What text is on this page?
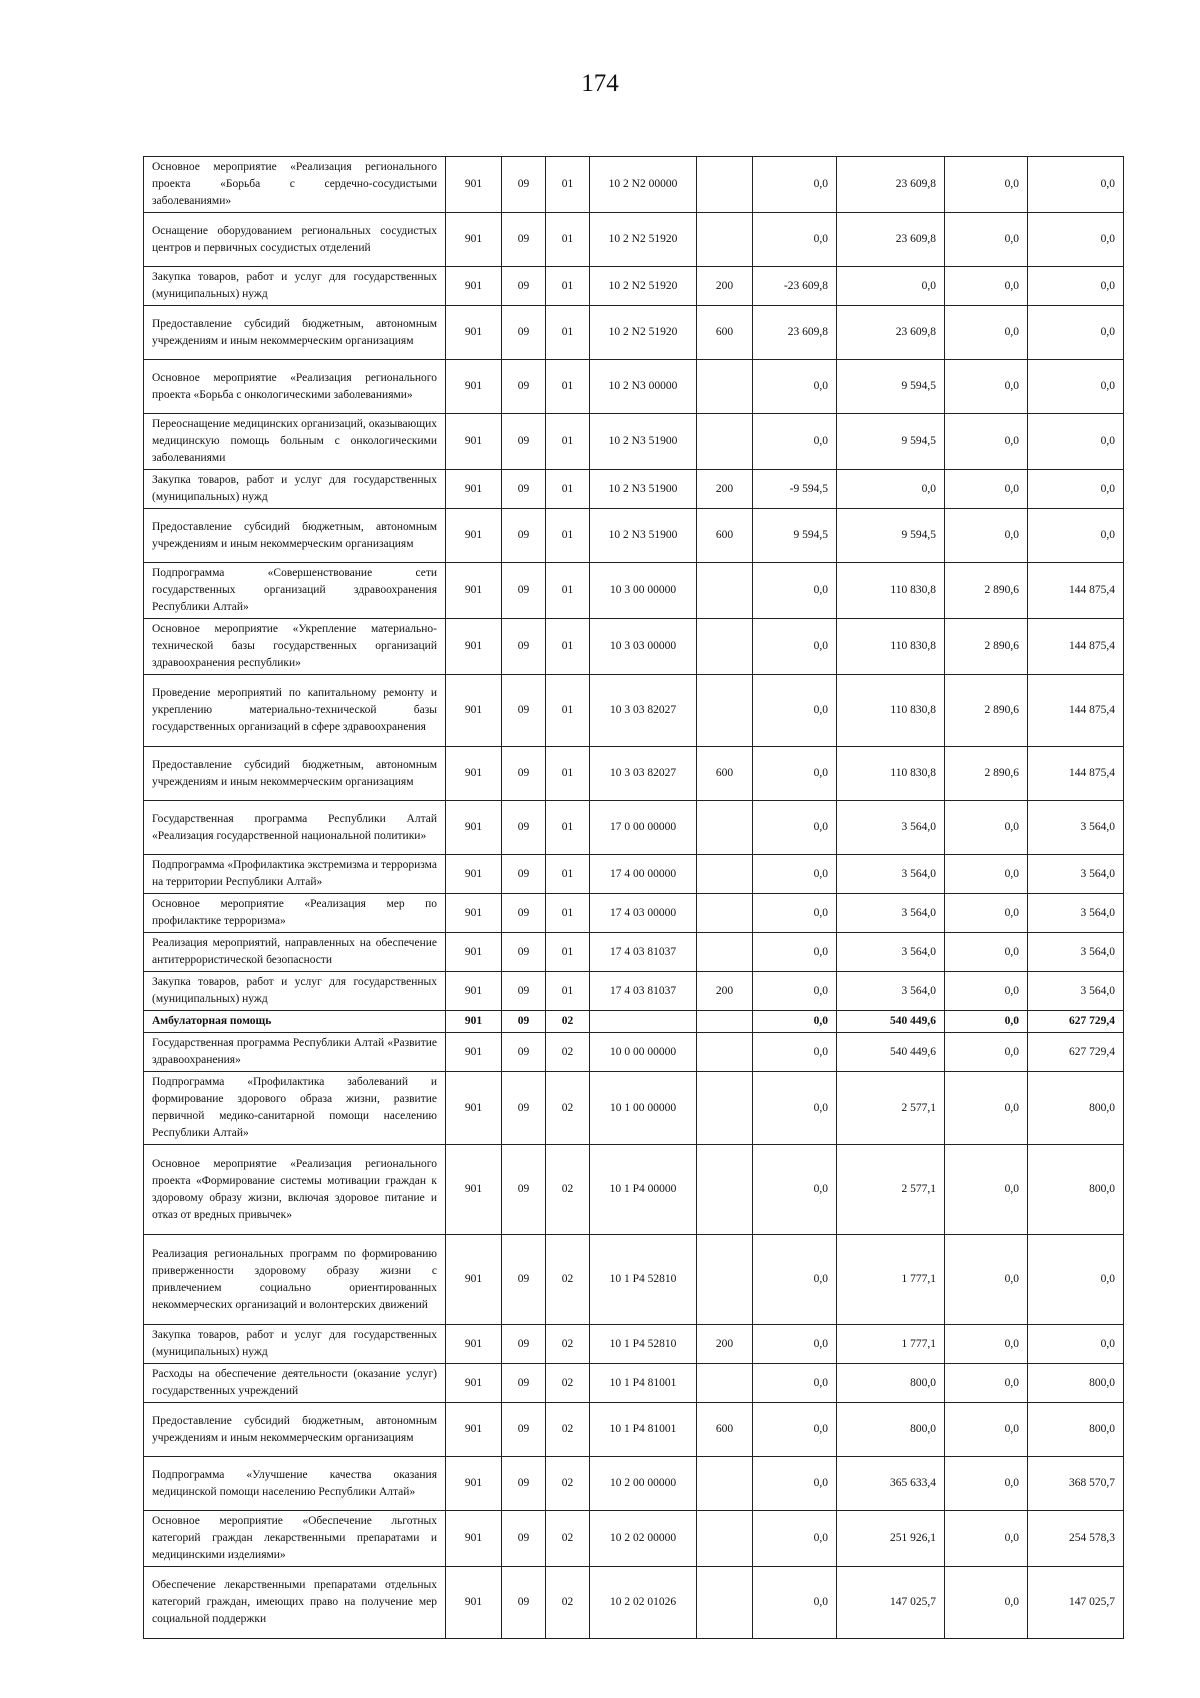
174
Основное мероприятие «Реализация регионального проекта «Борьба с сердечно-сосудистыми заболеваниями»	901	09	01	10 2 N2 00000		0,0	23 609,8	0,0	0,0
Оснащение оборудованием региональных сосудистых центров и первичных сосудистых отделений	901	09	01	10 2 N2 51920		0,0	23 609,8	0,0	0,0
Закупка товаров, работ и услуг для государственных (муниципальных) нужд	901	09	01	10 2 N2 51920	200	-23 609,8	0,0	0,0	0,0
Предоставление субсидий бюджетным, автономным учреждениям и иным некоммерческим организациям	901	09	01	10 2 N2 51920	600	23 609,8	23 609,8	0,0	0,0
Основное мероприятие «Реализация регионального проекта «Борьба с онкологическими заболеваниями»	901	09	01	10 2 N3 00000		0,0	9 594,5	0,0	0,0
Переоснащение медицинских организаций, оказывающих медицинскую помощь больным с онкологическими заболеваниями	901	09	01	10 2 N3 51900		0,0	9 594,5	0,0	0,0
Закупка товаров, работ и услуг для государственных (муниципальных) нужд	901	09	01	10 2 N3 51900	200	-9 594,5	0,0	0,0	0,0
Предоставление субсидий бюджетным, автономным учреждениям и иным некоммерческим организациям	901	09	01	10 2 N3 51900	600	9 594,5	9 594,5	0,0	0,0
Подпрограмма «Совершенствование сети государственных организаций здравоохранения Республики Алтай»	901	09	01	10 3 00 00000		0,0	110 830,8	2 890,6	144 875,4
Основное мероприятие «Укрепление материально-технической базы государственных организаций здравоохранения республики»	901	09	01	10 3 03 00000		0,0	110 830,8	2 890,6	144 875,4
Проведение мероприятий по капитальному ремонту и укреплению материально-технической базы государственных организаций в сфере здравоохранения	901	09	01	10 3 03 82027		0,0	110 830,8	2 890,6	144 875,4
Предоставление субсидий бюджетным, автономным учреждениям и иным некоммерческим организациям	901	09	01	10 3 03 82027	600	0,0	110 830,8	2 890,6	144 875,4
Государственная программа Республики Алтай «Реализация государственной национальной политики»	901	09	01	17 0 00 00000		0,0	3 564,0	0,0	3 564,0
Подпрограмма «Профилактика экстремизма и терроризма на территории Республики Алтай»	901	09	01	17 4 00 00000		0,0	3 564,0	0,0	3 564,0
Основное мероприятие «Реализация мер по профилактике терроризма»	901	09	01	17 4 03 00000		0,0	3 564,0	0,0	3 564,0
Реализация мероприятий, направленных на обеспечение антитеррористической безопасности	901	09	01	17 4 03 81037		0,0	3 564,0	0,0	3 564,0
Закупка товаров, работ и услуг для государственных (муниципальных) нужд	901	09	01	17 4 03 81037	200	0,0	3 564,0	0,0	3 564,0
Амбулаторная помощь	901	09	02			0,0	540 449,6	0,0	627 729,4
Государственная программа Республики Алтай «Развитие здравоохранения»	901	09	02	10 0 00 00000		0,0	540 449,6	0,0	627 729,4
Подпрограмма «Профилактика заболеваний и формирование здорового образа жизни, развитие первичной медико-санитарной помощи населению Республики Алтай»	901	09	02	10 1 00 00000		0,0	2 577,1	0,0	800,0
Основное мероприятие «Реализация регионального проекта «Формирование системы мотивации граждан к здоровому образу жизни, включая здоровое питание и отказ от вредных привычек»	901	09	02	10 1 P4 00000		0,0	2 577,1	0,0	800,0
Реализация региональных программ по формированию приверженности здоровому образу жизни с привлечением социально ориентированных некоммерческих организаций и волонтерских движений	901	09	02	10 1 P4 52810		0,0	1 777,1	0,0	0,0
Закупка товаров, работ и услуг для государственных (муниципальных) нужд	901	09	02	10 1 P4 52810	200	0,0	1 777,1	0,0	0,0
Расходы на обеспечение деятельности (оказание услуг) государственных учреждений	901	09	02	10 1 P4 81001		0,0	800,0	0,0	800,0
Предоставление субсидий бюджетным, автономным учреждениям и иным некоммерческим организациям	901	09	02	10 1 P4 81001	600	0,0	800,0	0,0	800,0
Подпрограмма «Улучшение качества оказания медицинской помощи населению Республики Алтай»	901	09	02	10 2 00 00000		0,0	365 633,4	0,0	368 570,7
Основное мероприятие «Обеспечение льготных категорий граждан лекарственными препаратами и медицинскими изделиями»	901	09	02	10 2 02 00000		0,0	251 926,1	0,0	254 578,3
Обеспечение лекарственными препаратами отдельных категорий граждан, имеющих право на получение мер социальной поддержки	901	09	02	10 2 02 01026		0,0	147 025,7	0,0	147 025,7
